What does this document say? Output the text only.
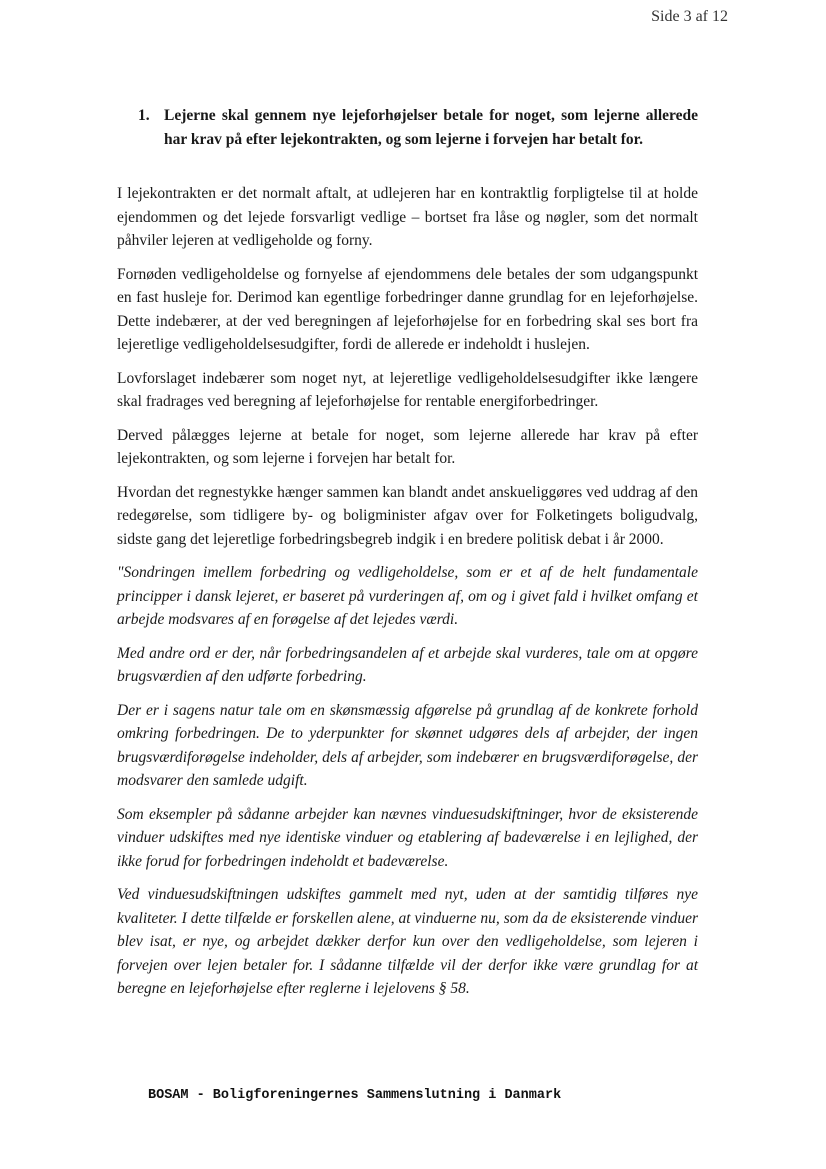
Side 3 af 12
1. Lejerne skal gennem nye lejeforhøjelser betale for noget, som lejerne allerede har krav på efter lejekontrakten, og som lejerne i forvejen har betalt for.

I lejekontrakten er det normalt aftalt, at udlejeren har en kontraktlig forpligtelse til at holde ejendommen og det lejede forsvarligt vedlige – bortset fra låse og nøgler, som det normalt påhviler lejeren at vedligeholde og forny.

Fornøden vedligeholdelse og fornyelse af ejendommens dele betales der som udgangspunkt en fast husleje for. Derimod kan egentlige forbedringer danne grundlag for en lejeforhøjelse. Dette indebærer, at der ved beregningen af lejeforhøjelse for en forbedring skal ses bort fra lejeretlige vedligeholdelsesudgifter, fordi de allerede er indeholdt i huslejen.

Lovforslaget indebærer som noget nyt, at lejeretlige vedligeholdelsesudgifter ikke længere skal fradrages ved beregning af lejeforhøjelse for rentable energiforbedringer.

Derved pålægges lejerne at betale for noget, som lejerne allerede har krav på efter lejekontrakten, og som lejerne i forvejen har betalt for.

Hvordan det regnestykke hænger sammen kan blandt andet anskueliggøres ved uddrag af den redegørelse, som tidligere by- og boligminister afgav over for Folketingets boligudvalg, sidste gang det lejeretlige forbedringsbegreb indgik i en bredere politisk debat i år 2000.

"Sondringen imellem forbedring og vedligeholdelse, som er et af de helt fundamentale principper i dansk lejeret, er baseret på vurderingen af, om og i givet fald i hvilket omfang et arbejde modsvares af en forøgelse af det lejedes værdi.

Med andre ord er der, når forbedringsandelen af et arbejde skal vurderes, tale om at opgøre brugsværdien af den udførte forbedring.

Der er i sagens natur tale om en skønsmæssig afgørelse på grundlag af de konkrete forhold omkring forbedringen. De to yderpunkter for skønnet udgøres dels af arbejder, der ingen brugsværdiforøgelse indeholder, dels af arbejder, som indebærer en brugsværdiforøgelse, der modsvarer den samlede udgift.

Som eksempler på sådanne arbejder kan nævnes vinduesudskiftninger, hvor de eksisterende vinduer udskiftes med nye identiske vinduer og etablering af badeværelse i en lejlighed, der ikke forud for forbedringen indeholdt et badeværelse.

Ved vinduesudskiftningen udskiftes gammelt med nyt, uden at der samtidig tilføres nye kvaliteter. I dette tilfælde er forskellen alene, at vinduerne nu, som da de eksisterende vinduer blev isat, er nye, og arbejdet dækker derfor kun over den vedligeholdelse, som lejeren i forvejen over lejen betaler for. I sådanne tilfælde vil der derfor ikke være grundlag for at beregne en lejeforhøjelse efter reglerne i lejelovens § 58.

BOSAM - Boligforeningernes Sammenslutning i Danmark
